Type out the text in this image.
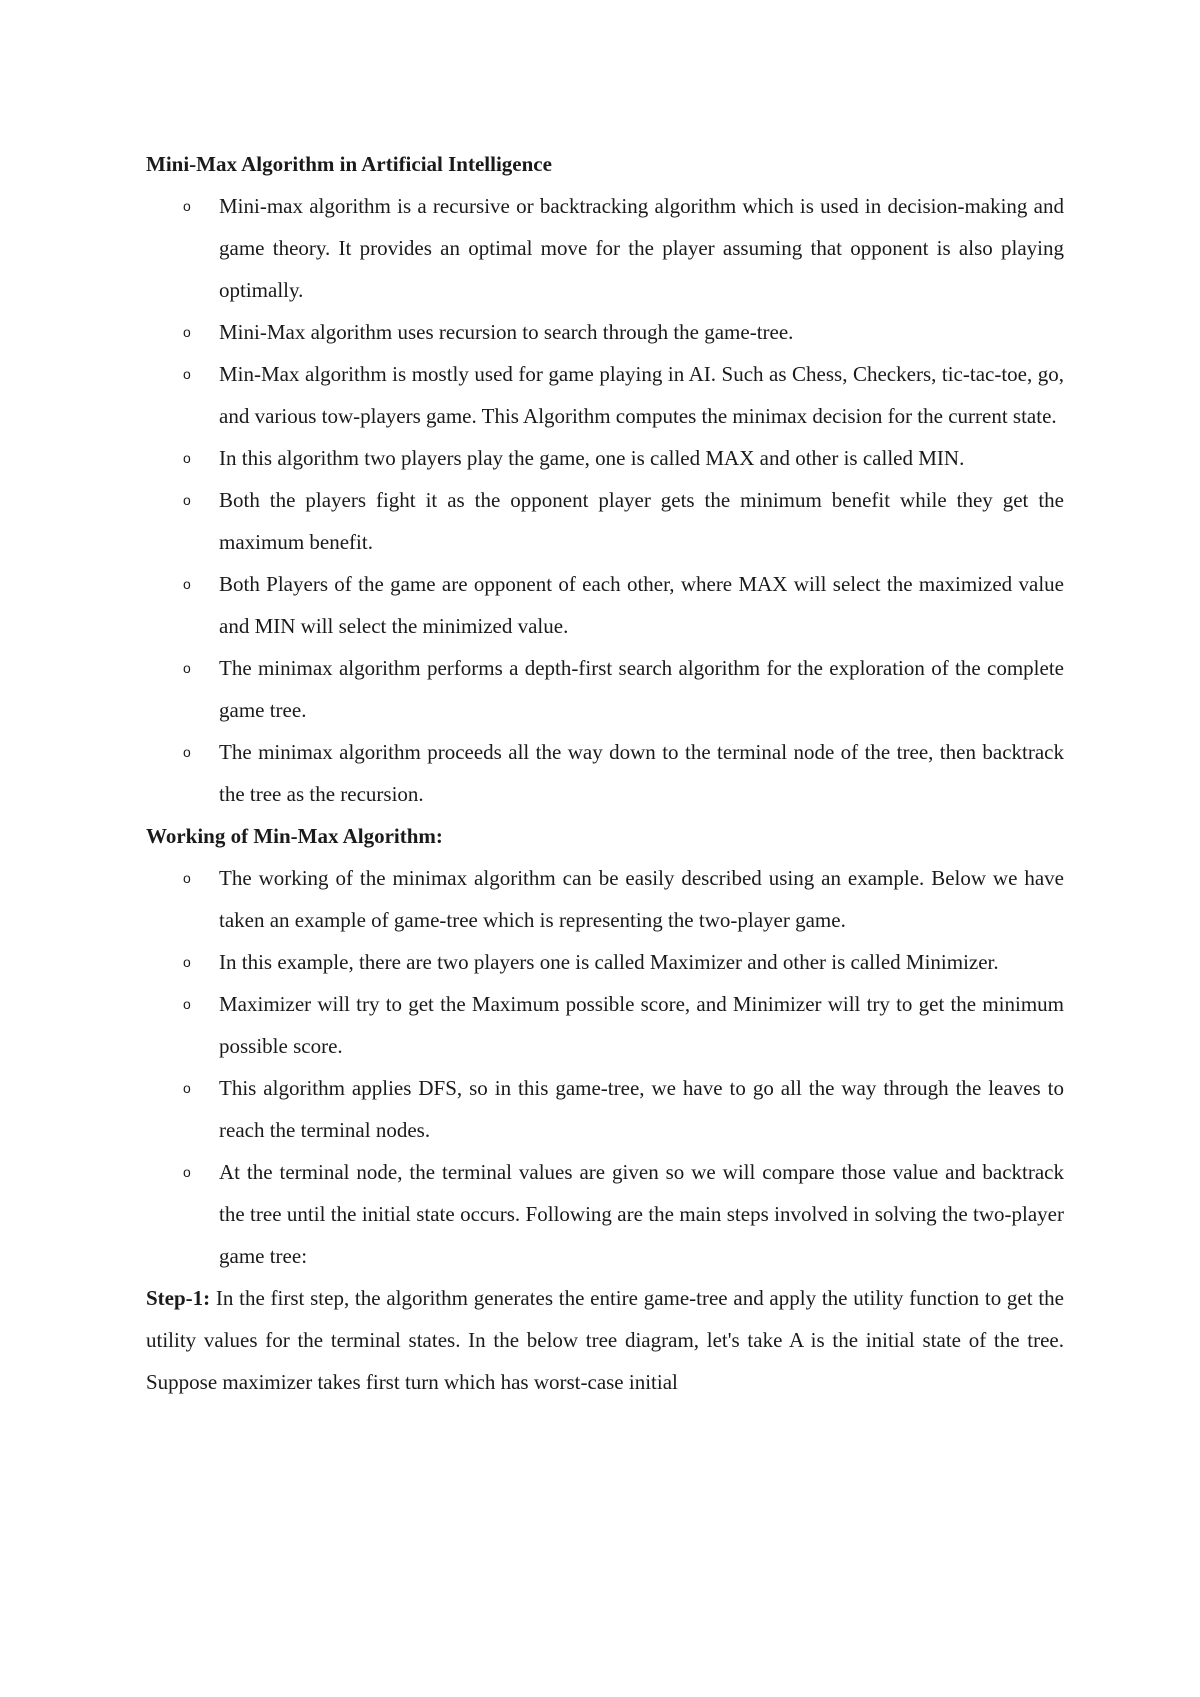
Mini-Max Algorithm in Artificial Intelligence

o Mini-max algorithm is a recursive or backtracking algorithm which is used in decision-making and game theory. It provides an optimal move for the player assuming that opponent is also playing optimally.
o Mini-Max algorithm uses recursion to search through the game-tree.
o Min-Max algorithm is mostly used for game playing in AI. Such as Chess, Checkers, tic-tac-toe, go, and various tow-players game. This Algorithm computes the minimax decision for the current state.
o In this algorithm two players play the game, one is called MAX and other is called MIN.
o Both the players fight it as the opponent player gets the minimum benefit while they get the maximum benefit.
o Both Players of the game are opponent of each other, where MAX will select the maximized value and MIN will select the minimized value.
o The minimax algorithm performs a depth-first search algorithm for the exploration of the complete game tree.
o The minimax algorithm proceeds all the way down to the terminal node of the tree, then backtrack the tree as the recursion.

Working of Min-Max Algorithm:

o The working of the minimax algorithm can be easily described using an example. Below we have taken an example of game-tree which is representing the two-player game.
o In this example, there are two players one is called Maximizer and other is called Minimizer.
o Maximizer will try to get the Maximum possible score, and Minimizer will try to get the minimum possible score.
o This algorithm applies DFS, so in this game-tree, we have to go all the way through the leaves to reach the terminal nodes.
o At the terminal node, the terminal values are given so we will compare those value and backtrack the tree until the initial state occurs. Following are the main steps involved in solving the two-player game tree:

Step-1: In the first step, the algorithm generates the entire game-tree and apply the utility function to get the utility values for the terminal states. In the below tree diagram, let's take A is the initial state of the tree. Suppose maximizer takes first turn which has worst-case initial
